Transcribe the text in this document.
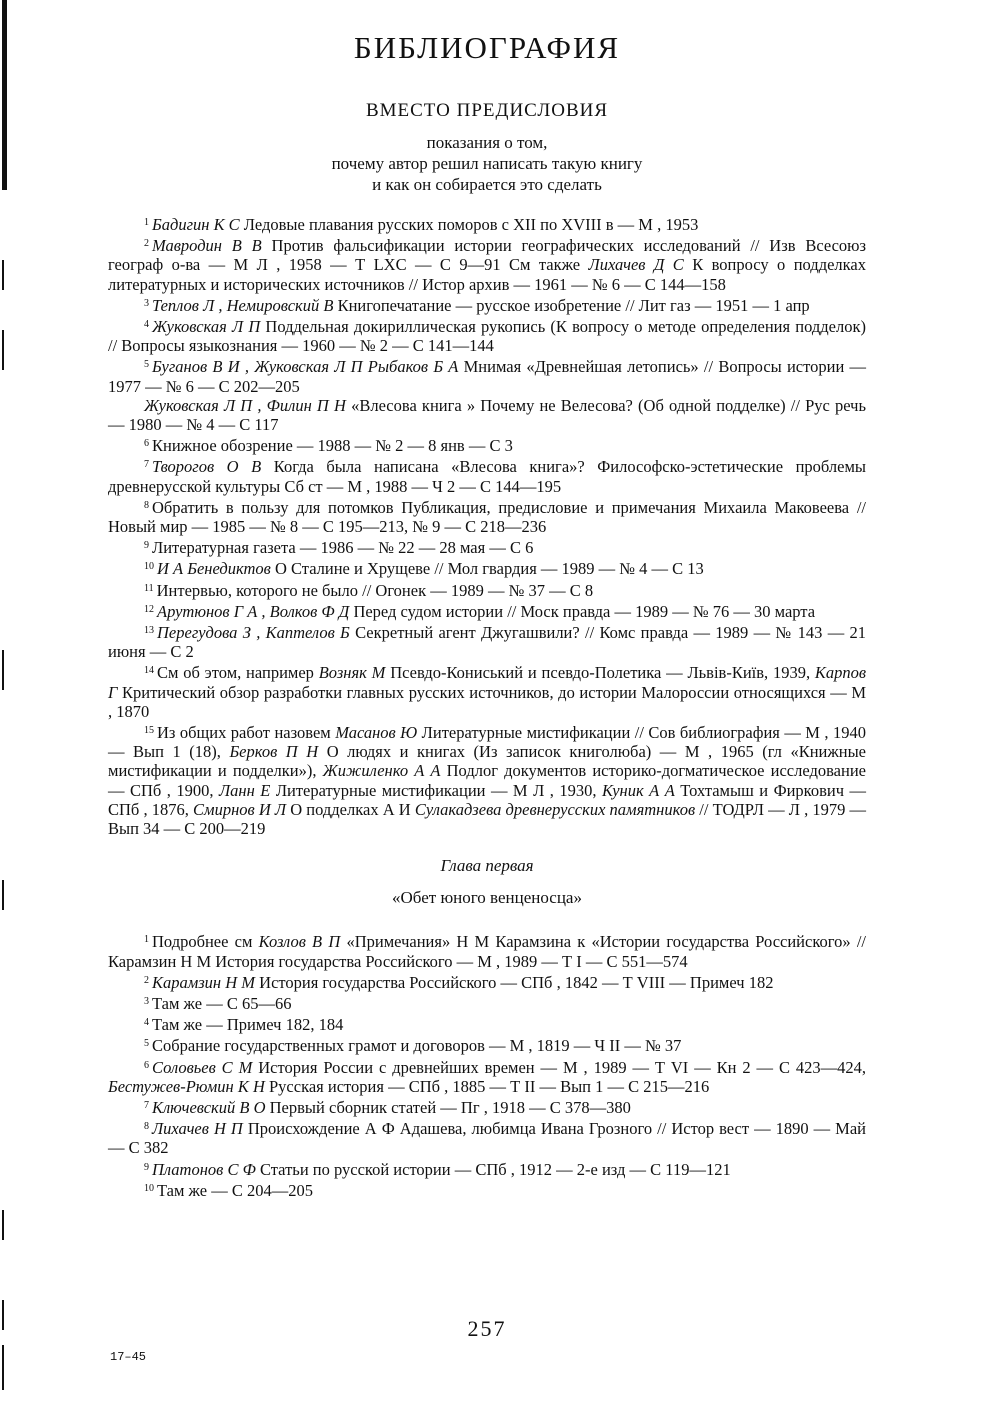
БИБЛИОГРАФИЯ
ВМЕСТО ПРЕДИСЛОВИЯ
показания о том,
почему автор решил написать такую книгу
и как он собирается это сделать

$^1$ Бадигин К С Ледовые плавания русских поморов с XII по XVIII в — М , 1953

$^2$ Мавродин В В Против фальсификации истории географических исследований // Изв Всесоюз географ о-ва — М Л , 1958 — Т LXC — С 9—91 См также Лихачев Д С К вопросу о подделках литературных и исторических источников // Истор архив — 1961 — № 6 — С 144—158

$^3$ Теплов Л , Немировский В Книгопечатание — русское изобретение // Лит газ — 1951 — 1 апр

$^4$ Жуковская Л П Поддельная докириллическая рукопись (К вопросу о методе определения подделок) // Вопросы языкознания — 1960 — № 2 — С 141—144

$^5$ Буганов В И , Жуковская Л П Рыбаков Б А Мнимая «Древнейшая летопись» // Вопросы истории — 1977 — № 6 — С 202—205

Жуковская Л П , Филин П Н «Влесова книга » Почему не Велесова? (Об одной подделке) // Рус речь — 1980 — № 4 — С 117

$^6$ Книжное обозрение — 1988 — № 2 — 8 янв — С 3

$^7$ Творогов О В Когда была написана «Влесова книга»? Философско-эстетические проблемы древнерусской культуры Сб ст — М , 1988 — Ч 2 — С 144—195

$^8$ Обратить в пользу для потомков Публикация, предисловие и примечания Михаила Маковеева // Новый мир — 1985 — № 8 — С 195—213, № 9 — С 218—236

$^9$ Литературная газета — 1986 — № 22 — 28 мая — С 6

$^{10}$ И А Бенедиктов О Сталине и Хрущеве // Мол гвардия — 1989 — № 4 — С 13

$^{11}$ Интервью, которого не было // Огонек — 1989 — № 37 — С 8

$^{12}$ Арутюнов Г А , Волков Ф Д Перед судом истории // Моск правда — 1989 — № 76 — 30 марта

$^{13}$ Перегудова З , Каптелов Б Секретный агент Джугашвили? // Комс правда — 1989 — № 143 — 21 июня — С 2

$^{14}$ См об этом, например Возняк М Псевдо-Кониський и псевдо-Полетика — Львів-Київ, 1939, Карпов Г Критический обзор разработки главных русских источников, до истории Малороссии относящихся — М , 1870

$^{15}$ Из общих работ назовем Масанов Ю Литературные мистификации // Сов библиография — М , 1940 — Вып 1 (18), Берков П Н О людях и книгах (Из записок книголюба) — М , 1965 (гл «Книжные мистификации и подделки»), Жижиленко А А Подлог документов историко-догматическое исследование — СПб , 1900, Ланн Е Литературные мистификации — М Л , 1930, Куник А А Тохтамыш и Фиркович — СПб , 1876, Смирнов И Л О подделках А И Сулакадзева древнерусских памятников // ТОДРЛ — Л , 1979 — Вып 34 — С 200—219

Глава первая
«Обет юного венценосца»

$^1$ Подробнее см Козлов В П «Примечания» Н М Карамзина к «Истории государства Российского» // Карамзин Н М История государства Российского — М , 1989 — Т I — С 551—574

$^2$ Карамзин Н М История государства Российского — СПб , 1842 — Т VIII — Примеч 182

$^3$ Там же — С 65—66

$^4$ Там же — Примеч 182, 184

$^5$ Собрание государственных грамот и договоров — М , 1819 — Ч II — № 37

$^6$ Соловьев С М История России с древнейших времен — М , 1989 — Т VI — Кн 2 — С 423—424, Бестужев-Рюмин К Н Русская история — СПб , 1885 — Т II — Вып 1 — С 215—216

$^7$ Ключевский В О Первый сборник статей — Пг , 1918 — С 378—380

$^8$ Лихачев Н П Происхождение А Ф Адашева, любимца Ивана Грозного // Истор вест — 1890 — Май — С 382

$^9$ Платонов С Ф Статьи по русской истории — СПб , 1912 — 2-е изд — С 119—121

$^{10}$ Там же — С 204—205

257
17–45
